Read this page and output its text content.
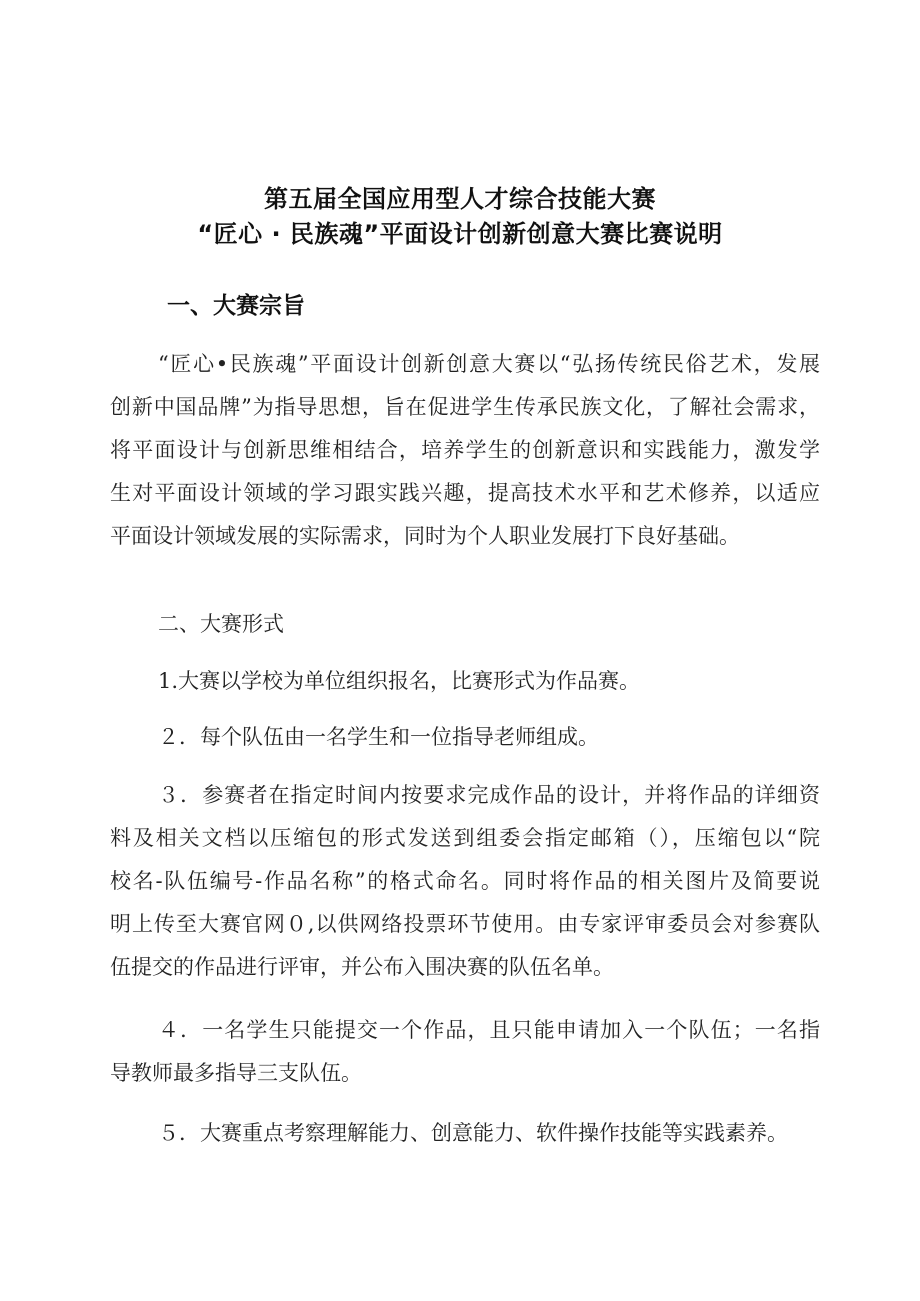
第五届全国应用型人才综合技能大赛
“匠心 · 民族魂”平面设计创新创意大赛比赛说明
一、大赛宗旨
“匠心•民族魂”平面设计创新创意大赛以“弘扬传统民俗艺术，发展
创新中国品牌”为指导思想，旨在促进学生传承民族文化，了解社会需求，
将平面设计与创新思维相结合，培养学生的创新意识和实践能力，激发学
生对平面设计领域的学习跟实践兴趣，提高技术水平和艺术修养，以适应
平面设计领域发展的实际需求，同时为个人职业发展打下良好基础。
二、大赛形式
1.大赛以学校为单位组织报名，比赛形式为作品赛。
２．每个队伍由一名学生和一位指导老师组成。
３．参赛者在指定时间内按要求完成作品的设计，并将作品的详细资
料及相关文档以压缩包的形式发送到组委会指定邮箱（），压缩包以“院
校名-队伍编号-作品名称”的格式命名。同时将作品的相关图片及简要说
明上传至大赛官网０,以供网络投票环节使用。由专家评审委员会对参赛队
伍提交的作品进行评审，并公布入围决赛的队伍名单。
４．一名学生只能提交一个作品，且只能申请加入一个队伍；一名指
导教师最多指导三支队伍。
５．大赛重点考察理解能力、创意能力、软件操作技能等实践素养。
